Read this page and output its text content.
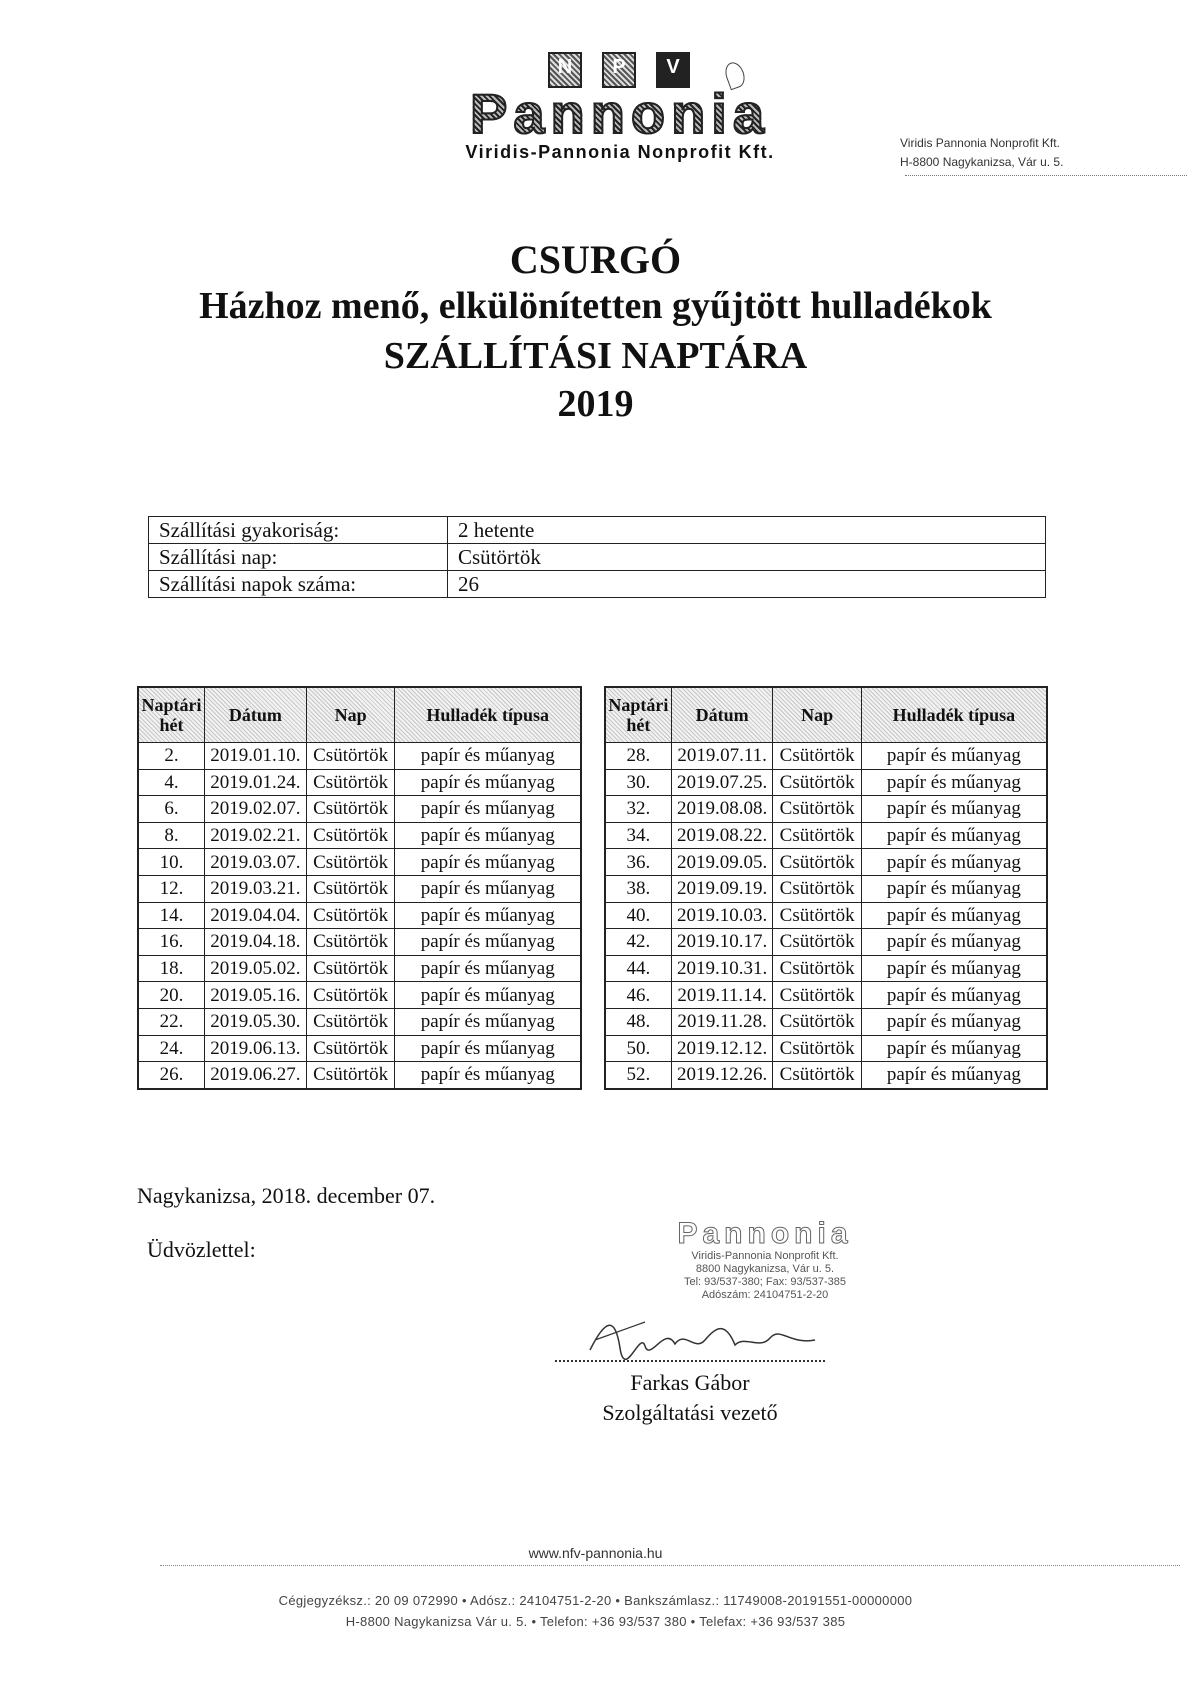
N	P	V
Pannonia
Viridis-Pannonia Nonprofit Kft.	Viridis Pannonia Nonprofit Kft.
H-8800 Nagykanizsa, Vár u. 5.
CSURGÓ
Házhoz menő, elkülönítetten gyűjtött hulladékok
SZÁLLÍTÁSI NAPTÁRA
2019
Szállítási gyakoriság:	2 hetente
Szállítási nap:	Csütörtök
Szállítási napok száma:	26
Naptári hét	Dátum	Nap	Hulladék típusa
2.	2019.01.10.	Csütörtök	papír és műanyag
4.	2019.01.24.	Csütörtök	papír és műanyag
6.	2019.02.07.	Csütörtök	papír és műanyag
8.	2019.02.21.	Csütörtök	papír és műanyag
10.	2019.03.07.	Csütörtök	papír és műanyag
12.	2019.03.21.	Csütörtök	papír és műanyag
14.	2019.04.04.	Csütörtök	papír és műanyag
16.	2019.04.18.	Csütörtök	papír és műanyag
18.	2019.05.02.	Csütörtök	papír és műanyag
20.	2019.05.16.	Csütörtök	papír és műanyag
22.	2019.05.30.	Csütörtök	papír és műanyag
24.	2019.06.13.	Csütörtök	papír és műanyag
26.	2019.06.27.	Csütörtök	papír és műanyag
Naptári hét	Dátum	Nap	Hulladék típusa
28.	2019.07.11.	Csütörtök	papír és műanyag
30.	2019.07.25.	Csütörtök	papír és műanyag
32.	2019.08.08.	Csütörtök	papír és műanyag
34.	2019.08.22.	Csütörtök	papír és műanyag
36.	2019.09.05.	Csütörtök	papír és műanyag
38.	2019.09.19.	Csütörtök	papír és műanyag
40.	2019.10.03.	Csütörtök	papír és műanyag
42.	2019.10.17.	Csütörtök	papír és műanyag
44.	2019.10.31.	Csütörtök	papír és műanyag
46.	2019.11.14.	Csütörtök	papír és műanyag
48.	2019.11.28.	Csütörtök	papír és műanyag
50.	2019.12.12.	Csütörtök	papír és műanyag
52.	2019.12.26.	Csütörtök	papír és műanyag
Nagykanizsa, 2018. december 07.
Üdvözlettel:	Pannonia
Viridis-Pannonia Nonprofit Kft.
8800 Nagykanizsa, Vár u. 5.
Tel: 93/537-380; Fax: 93/537-385
Adószám: 24104751-2-20
Farkas Gábor
Szolgáltatási vezető
www.nfv-pannonia.hu
Cégjegyzéksz.: 20 09 072990 • Adósz.: 24104751-2-20 • Bankszámlasz.: 11749008-20191551-00000000
H-8800 Nagykanizsa Vár u. 5. • Telefon: +36 93/537 380 • Telefax: +36 93/537 385
